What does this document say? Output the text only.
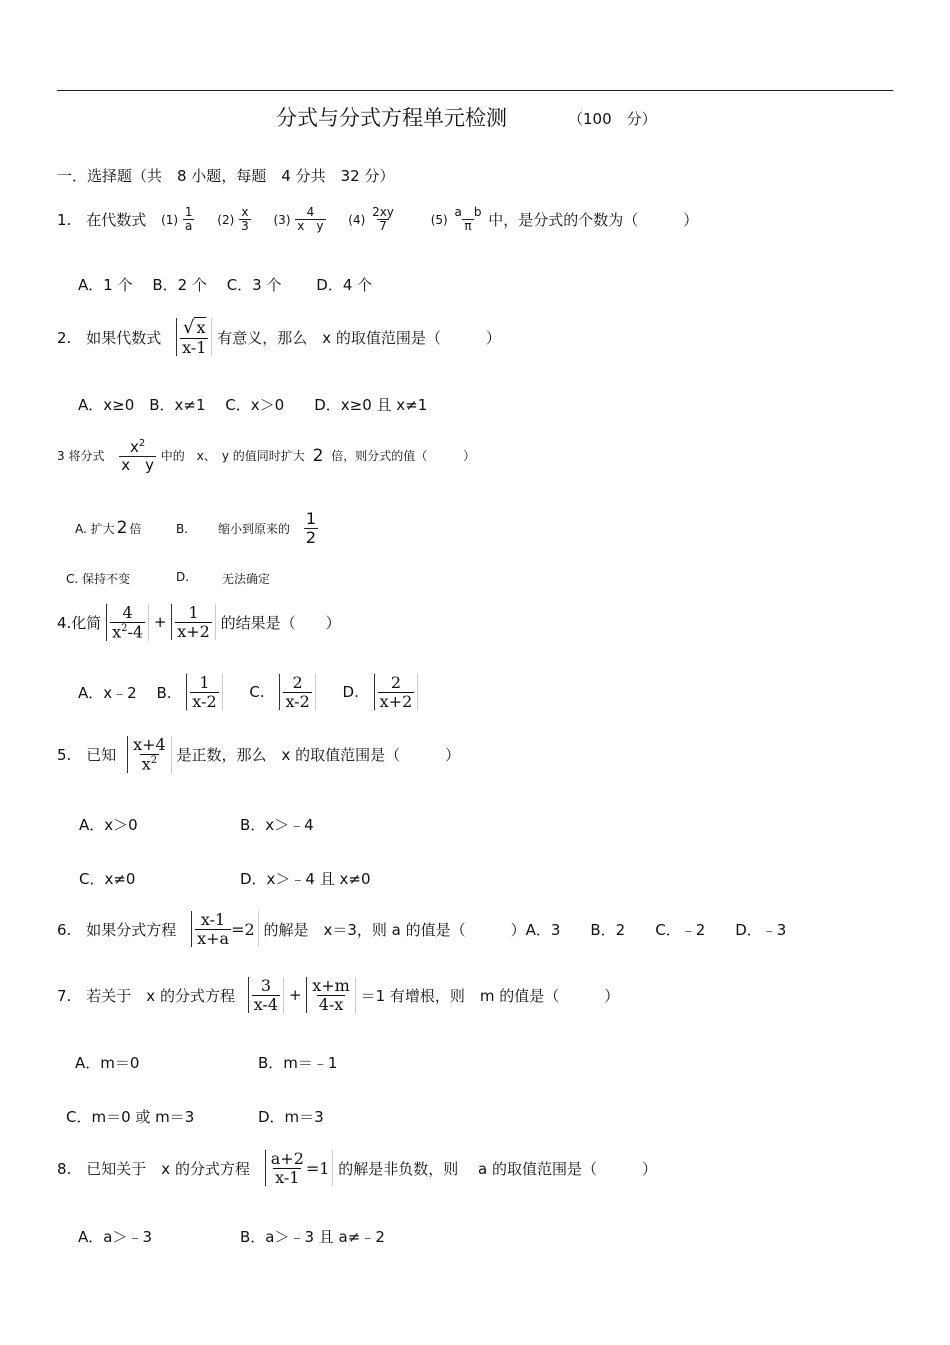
分式与分式方程单元检测	（100　分）
一．选择题（共　8 小题，每题　4 分共　32 分）
1.　在代数式 $(1) \frac{1}{a} (2) \frac{x}{3} (3) \frac{4}{\text{x　y}} (4) \frac{2xy}{7}$	$(5) \frac{\text{a　b}}{\pi}$ 中，是分式的个数为（　　　）
A．1 个　 B．2 个　 C．3 个　　 D．4 个
2.　如果代数式 $\frac{√ x}{x-1}$ 有意义，那么　x 的取值范围是（　　　）
A．x≥0　B．x≠1　 C．x＞0　　D．x≥0 且 x≠1
3 将分式 $\frac{x^2}{\text{x　y}}$ 中的　x、　y 的值同时扩大 2 倍，则分式的值（　　　）
A. 扩大 2 倍	B. 缩小到原来的 $\frac{1}{2}$
C. 保持不变	D.	无法确定
4.化简 $\frac{4}{x^2-4} + \frac{1}{x+2}$ 的结果是（　　）
A．x﹣2　 B. $\frac{1}{x-2} C$. $\frac{2}{x-2} D$. $\frac{2}{x+2}$
5.　已知 $\frac{x+4}{x^2}$ 是正数，那么　x 的取值范围是（　　　）
A．x＞0	B．x＞﹣4
C．x≠0	D．x＞﹣4 且 x≠0
6.　如果分式方程 $\frac{x-1}{x+a} =2$ 的解是　x＝3，则 a 的值是（　　　）A．3　　B．2　　C．﹣2　　D．﹣3
7.　若关于　x 的分式方程 $\frac{3}{x-4} + \frac{x+m}{4-x} =1$ 有增根，则　m 的值是（　　　）
A．m＝0	B．m＝﹣1
C．m＝0 或 m＝3	D．m＝3
8.　已知关于　x 的分式方程 $\frac{a+2}{x-1} =1$ 的解是非负数，则　 a 的取值范围是（　　　）
A．a＞﹣3	B．a＞﹣3 且 a≠﹣2
